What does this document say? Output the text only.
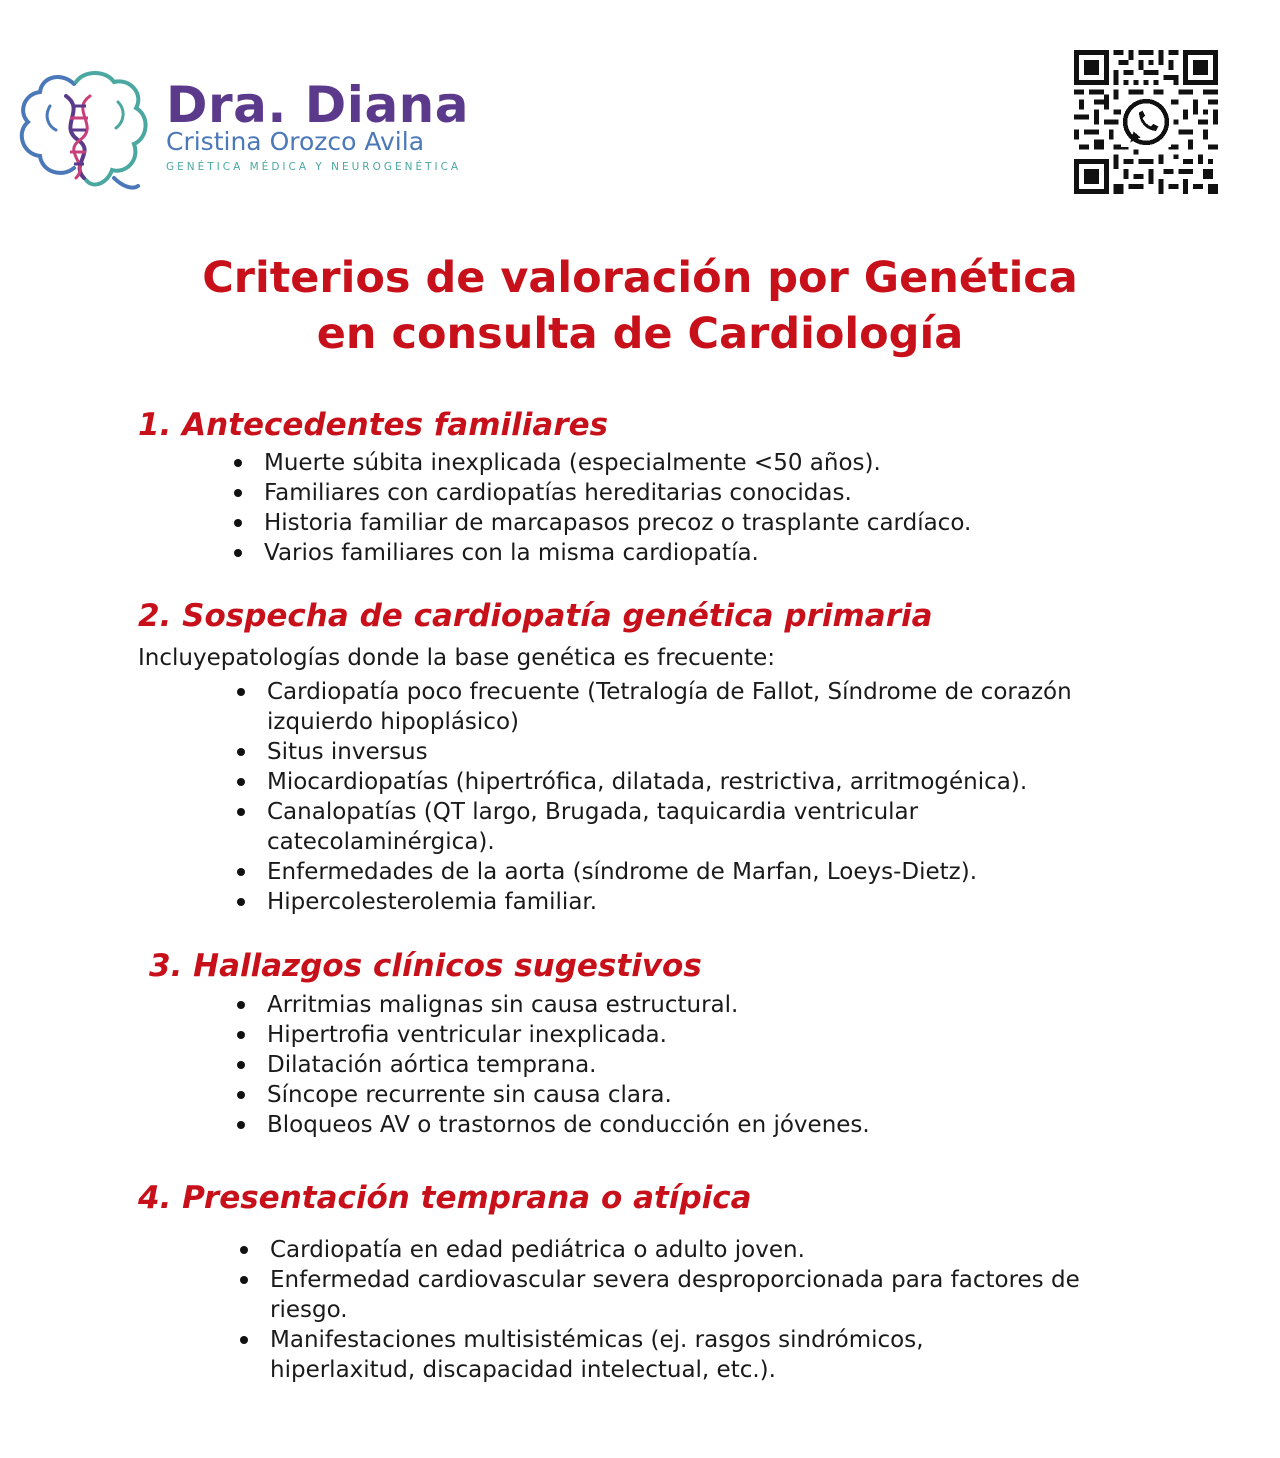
Dra. Diana
Cristina Orozco Avila
GENÉTICA MÉDICA Y NEUROGENÉTICA
Criterios de valoración por Genética
en consulta de Cardiología
1. Antecedentes familiares
Muerte súbita inexplicada (especialmente <50 años).
Familiares con cardiopatías hereditarias conocidas.
Historia familiar de marcapasos precoz o trasplante cardíaco.
Varios familiares con la misma cardiopatía.
2. Sospecha de cardiopatía genética primaria
Incluyepatologías donde la base genética es frecuente:
Cardiopatía poco frecuente (Tetralogía de Fallot, Síndrome de corazón izquierdo hipoplásico)
Situs inversus
Miocardiopatías (hipertrófica, dilatada, restrictiva, arritmogénica).
Canalopatías (QT largo, Brugada, taquicardia ventricular catecolaminérgica).
Enfermedades de la aorta (síndrome de Marfan, Loeys-Dietz).
Hipercolesterolemia familiar.
3. Hallazgos clínicos sugestivos
Arritmias malignas sin causa estructural.
Hipertrofia ventricular inexplicada.
Dilatación aórtica temprana.
Síncope recurrente sin causa clara.
Bloqueos AV o trastornos de conducción en jóvenes.
4. Presentación temprana o atípica
Cardiopatía en edad pediátrica o adulto joven.
Enfermedad cardiovascular severa desproporcionada para factores de riesgo.
Manifestaciones multisistémicas (ej. rasgos sindrómicos, hiperlaxitud, discapacidad intelectual, etc.).
